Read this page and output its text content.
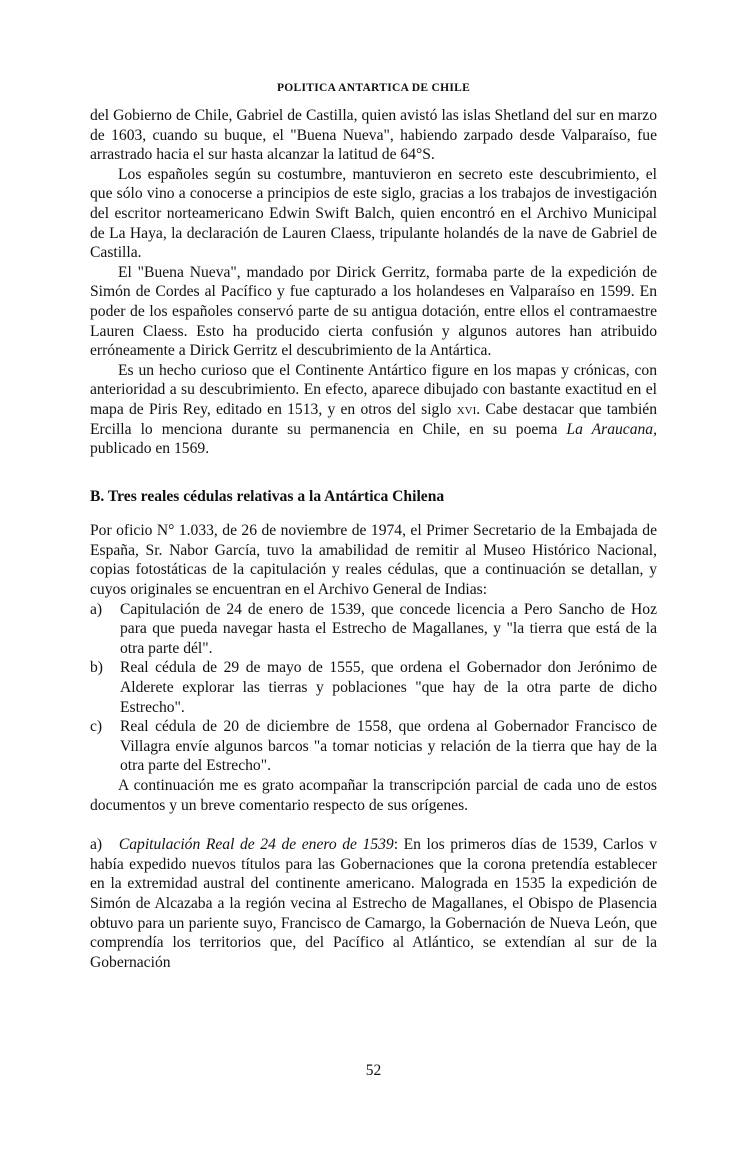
POLITICA ANTARTICA DE CHILE

del Gobierno de Chile, Gabriel de Castilla, quien avistó las islas Shetland del sur en marzo de 1603, cuando su buque, el "Buena Nueva", habiendo zarpado desde Valparaíso, fue arrastrado hacia el sur hasta alcanzar la latitud de 64°S.

Los españoles según su costumbre, mantuvieron en secreto este descubrimiento, el que sólo vino a conocerse a principios de este siglo, gracias a los trabajos de investigación del escritor norteamericano Edwin Swift Balch, quien encontró en el Archivo Municipal de La Haya, la declaración de Lauren Claess, tripulante holandés de la nave de Gabriel de Castilla.

El "Buena Nueva", mandado por Dirick Gerritz, formaba parte de la expedición de Simón de Cordes al Pacífico y fue capturado a los holandeses en Valparaíso en 1599. En poder de los españoles conservó parte de su antigua dotación, entre ellos el contramaestre Lauren Claess. Esto ha producido cierta confusión y algunos autores han atribuido erróneamente a Dirick Gerritz el descubrimiento de la Antártica.

Es un hecho curioso que el Continente Antártico figure en los mapas y crónicas, con anterioridad a su descubrimiento. En efecto, aparece dibujado con bastante exactitud en el mapa de Piris Rey, editado en 1513, y en otros del siglo xvi. Cabe destacar que también Ercilla lo menciona durante su permanencia en Chile, en su poema La Araucana, publicado en 1569.

B. Tres reales cédulas relativas a la Antártica Chilena

Por oficio N° 1.033, de 26 de noviembre de 1974, el Primer Secretario de la Embajada de España, Sr. Nabor García, tuvo la amabilidad de remitir al Museo Histórico Nacional, copias fotostáticas de la capitulación y reales cédulas, que a continuación se detallan, y cuyos originales se encuentran en el Archivo General de Indias:

a)	Capitulación de 24 de enero de 1539, que concede licencia a Pero Sancho de Hoz para que pueda navegar hasta el Estrecho de Magallanes, y "la tierra que está de la otra parte dél".
b)	Real cédula de 29 de mayo de 1555, que ordena el Gobernador don Jerónimo de Alderete explorar las tierras y poblaciones "que hay de la otra parte de dicho Estrecho".
c)	Real cédula de 20 de diciembre de 1558, que ordena al Gobernador Francisco de Villagra envíe algunos barcos "a tomar noticias y relación de la tierra que hay de la otra parte del Estrecho".

A continuación me es grato acompañar la transcripción parcial de cada uno de estos documentos y un breve comentario respecto de sus orígenes.

a) Capitulación Real de 24 de enero de 1539: En los primeros días de 1539, Carlos v había expedido nuevos títulos para las Gobernaciones que la corona pretendía establecer en la extremidad austral del continente americano. Malograda en 1535 la expedición de Simón de Alcazaba a la región vecina al Estrecho de Magallanes, el Obispo de Plasencia obtuvo para un pariente suyo, Francisco de Camargo, la Gobernación de Nueva León, que comprendía los territorios que, del Pacífico al Atlántico, se extendían al sur de la Gobernación

52
